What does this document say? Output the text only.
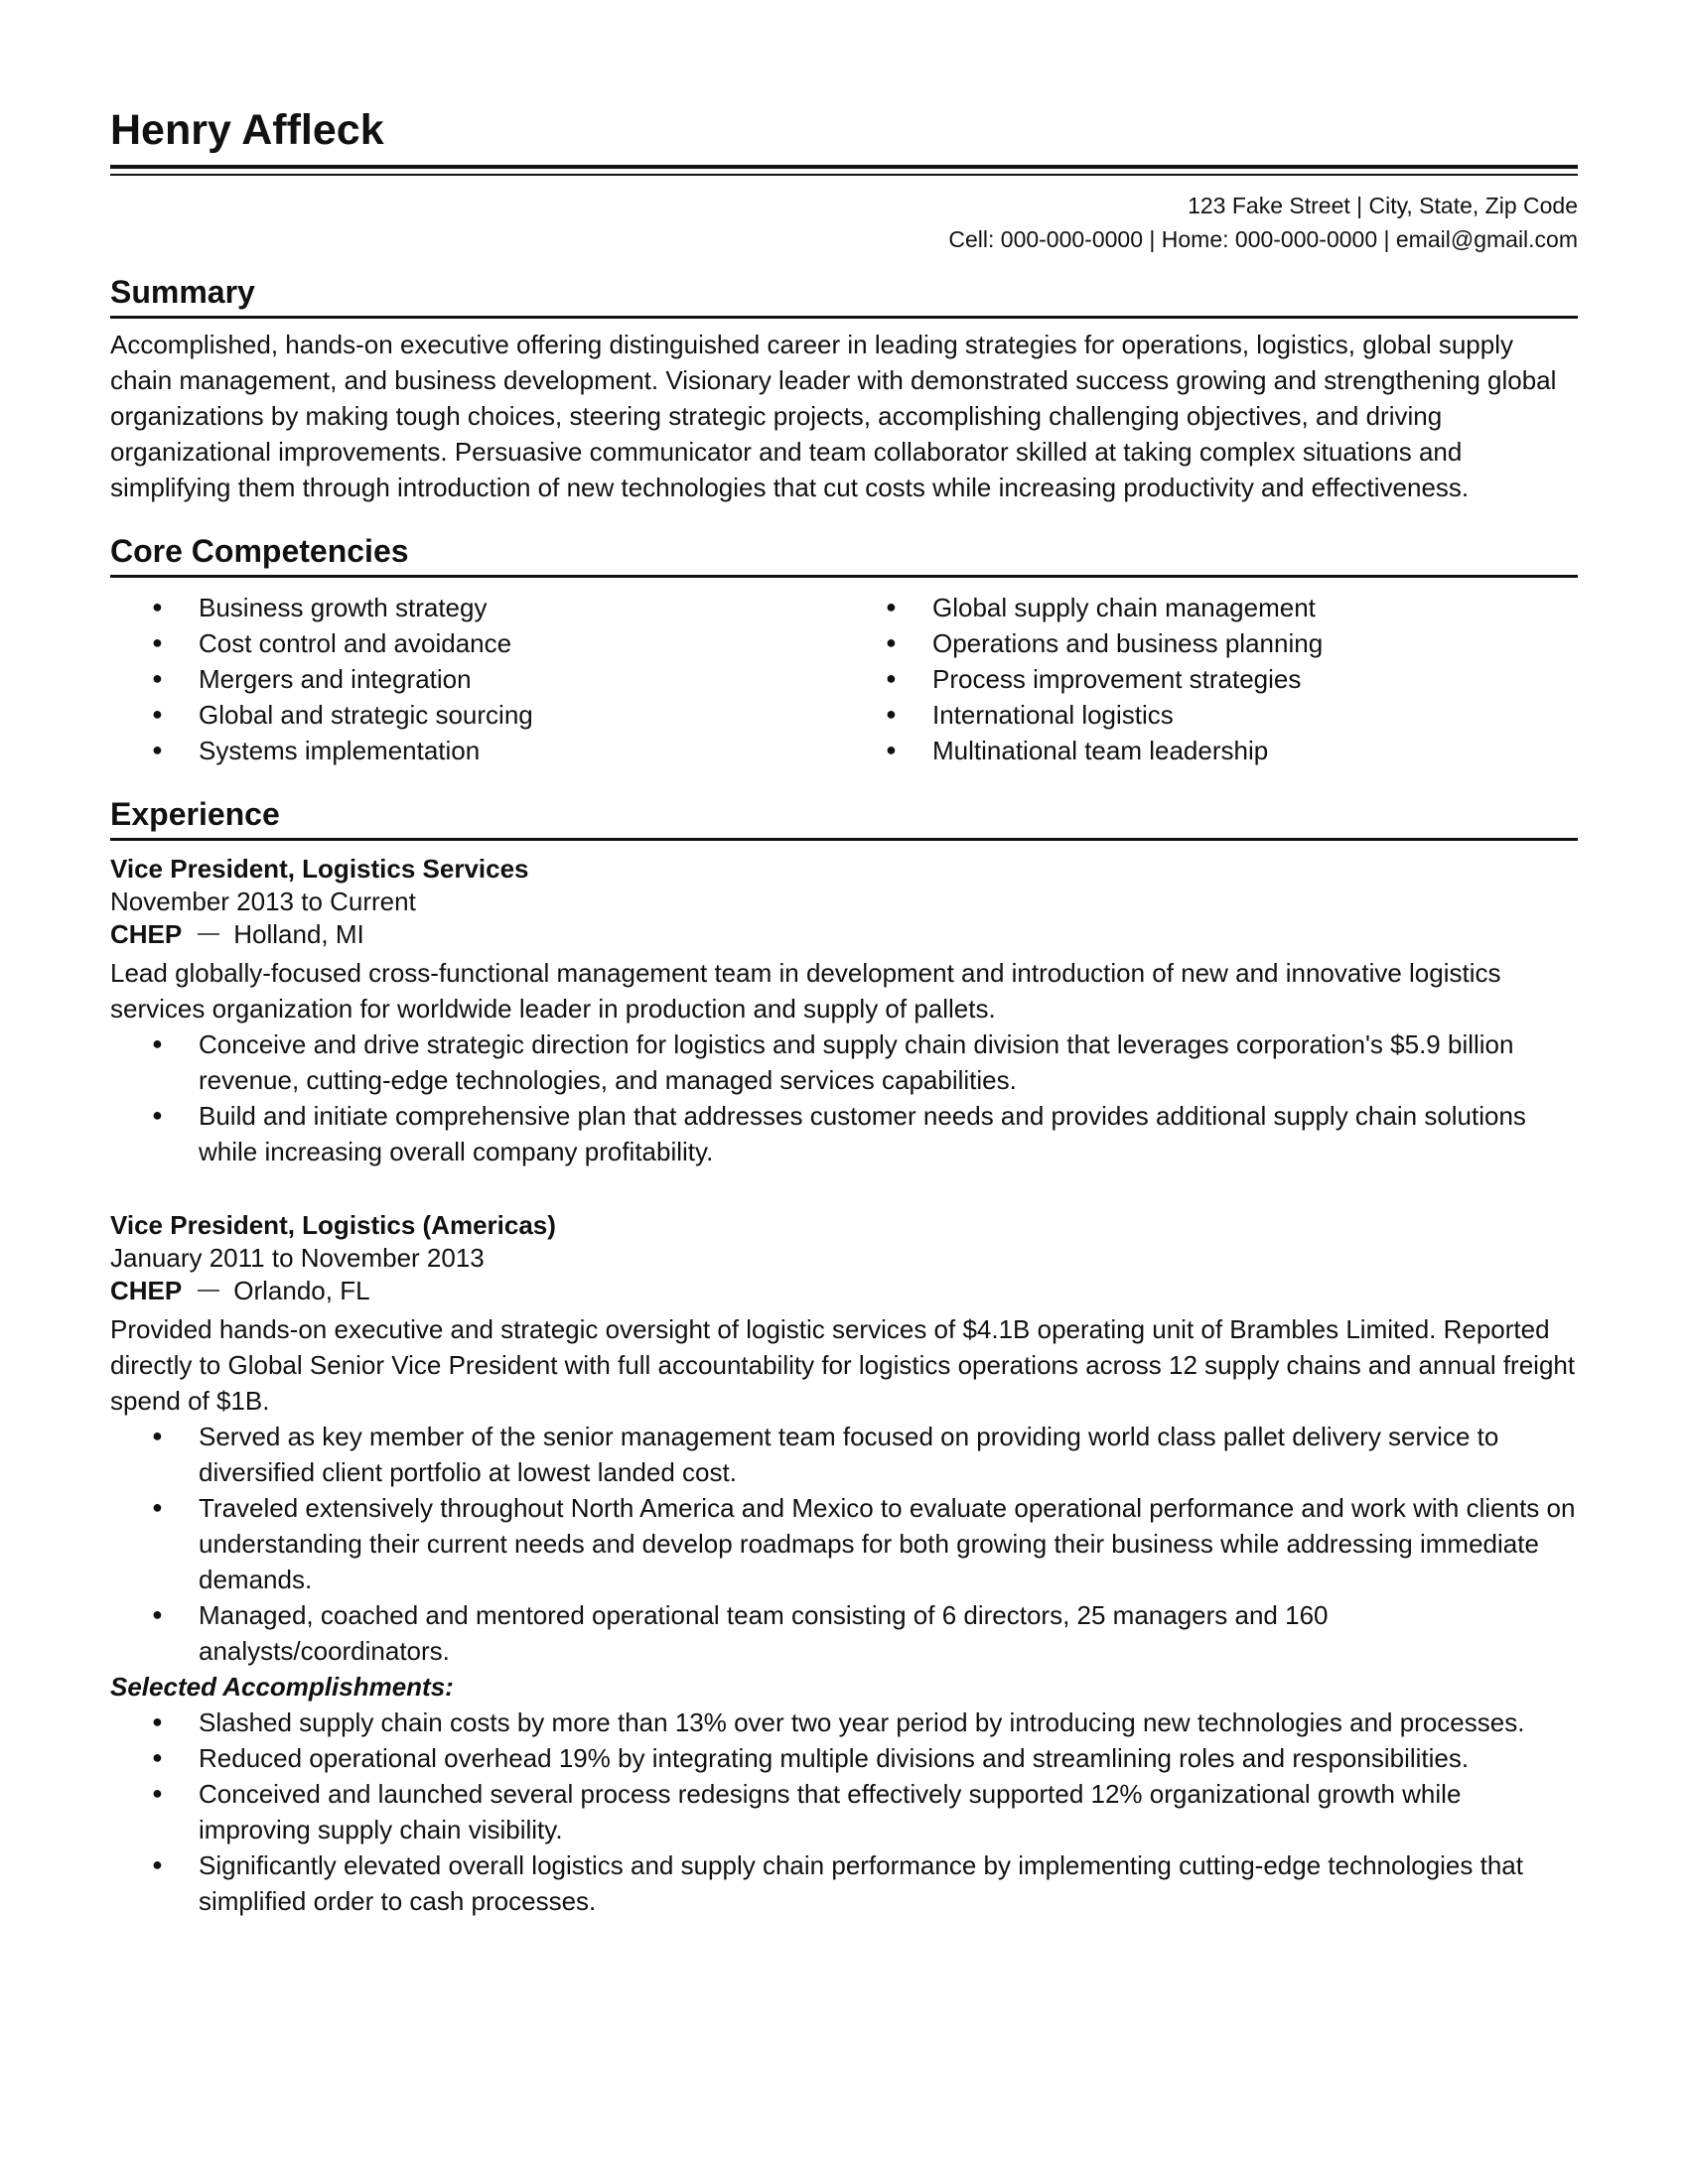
Henry Affleck
123 Fake Street | City, State, Zip Code
Cell: 000-000-0000 | Home: 000-000-0000 | email@gmail.com
Summary

Accomplished, hands-on executive offering distinguished career in leading strategies for operations, logistics, global supply chain management, and business development. Visionary leader with demonstrated success growing and strengthening global organizations by making tough choices, steering strategic projects, accomplishing challenging objectives, and driving organizational improvements. Persuasive communicator and team collaborator skilled at taking complex situations and simplifying them through introduction of new technologies that cut costs while increasing productivity and effectiveness.

Core Competencies
● Business growth strategy
● Cost control and avoidance
● Mergers and integration
● Global and strategic sourcing
● Systems implementation
● Global supply chain management
● Operations and business planning
● Process improvement strategies
● International logistics
● Multinational team leadership
Experience
Vice President, Logistics Services
November 2013 to Current
CHEP Holland, MI

Lead globally-focused cross-functional management team in development and introduction of new and innovative logistics services organization for worldwide leader in production and supply of pallets.

● Conceive and drive strategic direction for logistics and supply chain division that leverages corporation's $5.9 billion revenue, cutting-edge technologies, and managed services capabilities.
● Build and initiate comprehensive plan that addresses customer needs and provides additional supply chain solutions while increasing overall company profitability.
Vice President, Logistics (Americas)
January 2011 to November 2013
CHEP Orlando, FL

Provided hands-on executive and strategic oversight of logistic services of $4.1B operating unit of Brambles Limited. Reported directly to Global Senior Vice President with full accountability for logistics operations across 12 supply chains and annual freight spend of $1B.

● Served as key member of the senior management team focused on providing world class pallet delivery service to diversified client portfolio at lowest landed cost.
● Traveled extensively throughout North America and Mexico to evaluate operational performance and work with clients on understanding their current needs and develop roadmaps for both growing their business while addressing immediate demands.
● Managed, coached and mentored operational team consisting of 6 directors, 25 managers and 160 analysts/coordinators.
Selected Accomplishments:
● Slashed supply chain costs by more than 13% over two year period by introducing new technologies and processes.
● Reduced operational overhead 19% by integrating multiple divisions and streamlining roles and responsibilities.
● Conceived and launched several process redesigns that effectively supported 12% organizational growth while improving supply chain visibility.
● Significantly elevated overall logistics and supply chain performance by implementing cutting-edge technologies that simplified order to cash processes.
